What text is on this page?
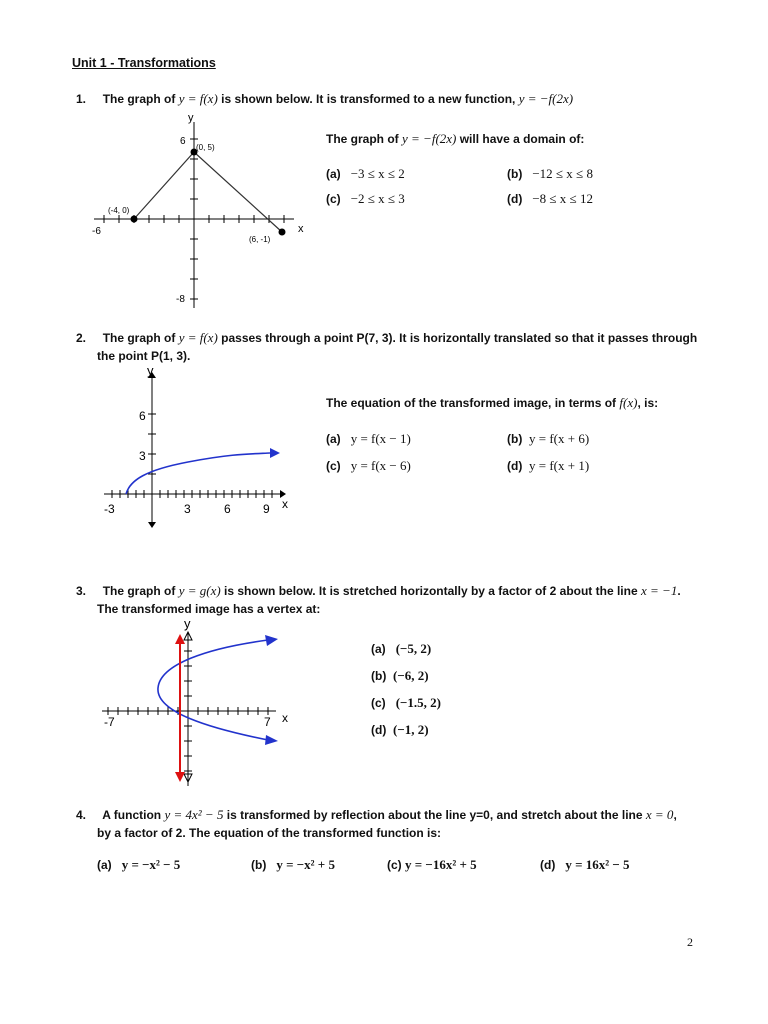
Unit 1 - Transformations
1. The graph of y = f(x) is shown below. It is transformed to a new function, y = −f(2x)
y
x
6
-8
-6
(-4, 0)
(0, 5)
(6, -1)
The graph of y = −f(2x) will have a domain of:
(a) −3 ≤ x ≤ 2	(b) −12 ≤ x ≤ 8
(c) −2 ≤ x ≤ 3	(d) −8 ≤ x ≤ 12
2. The graph of y = f(x) passes through a point P(7, 3). It is horizontally translated so that it passes through
the point P(1, 3).
y
x
3
6
-3	3	6	9
The equation of the transformed image, in terms of f(x), is:
(a) y = f(x − 1)	(b) y = f(x + 6)
(c) y = f(x − 6)	(d) y = f(x + 1)
3. The graph of y = g(x) is shown below. It is stretched horizontally by a factor of 2 about the line x = −1.
The transformed image has a vertex at:
y
x
-7	7
(a) (−5, 2)
(b) (−6, 2)
(c) (−1.5, 2)
(d) (−1, 2)
4. A function y = 4x² − 5 is transformed by reflection about the line y=0, and stretch about the line x = 0,
by a factor of 2. The equation of the transformed function is:
(a) y = −x² − 5	(b) y = −x² + 5	(c) y = −16x² + 5	(d) y = 16x² − 5
2
